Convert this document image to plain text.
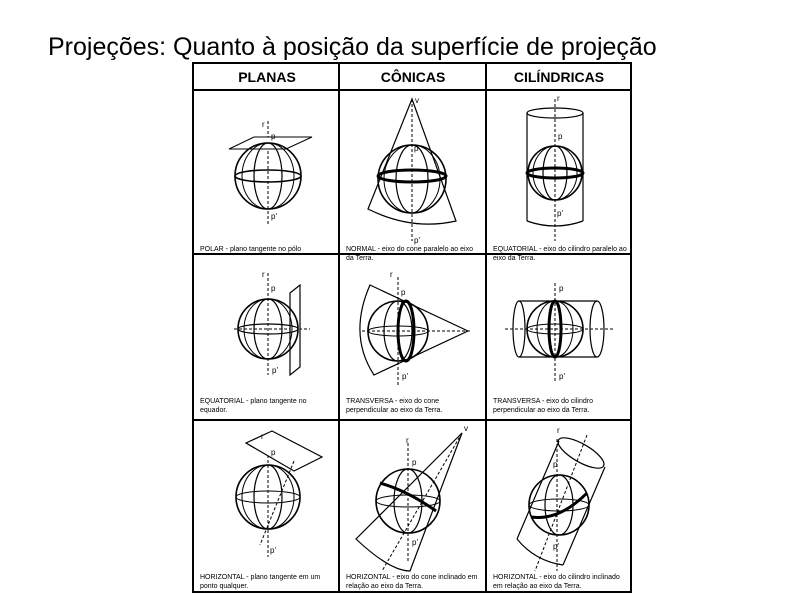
Projeções: Quanto à posição da superfície de projeção
PLANAS	CÔNICAS	CILÍNDRICAS
r
p
p'
POLAR - plano tangente no pólo
v
p
p'
NORMAL - eixo do cone paralelo ao eixo da Terra.
r
p
p'
EQUATORIAL - eixo do cilindro paralelo ao eixo da Terra.
r
p
p'
EQUATORIAL - plano tangente no equador.
r
p
p'
TRANSVERSA - eixo do cone perpendicular ao eixo da Terra.
p
p'
TRANSVERSA - eixo do cilindro perpendicular ao eixo da Terra.
r
p
p'
HORIZONTAL - plano tangente em um ponto qualquer.
v
r
p
p'
HORIZONTAL - eixo do cone inclinado em relação ao eixo da Terra.
r
p
p'
HORIZONTAL - eixo do cilindro inclinado em relação ao eixo da Terra.
